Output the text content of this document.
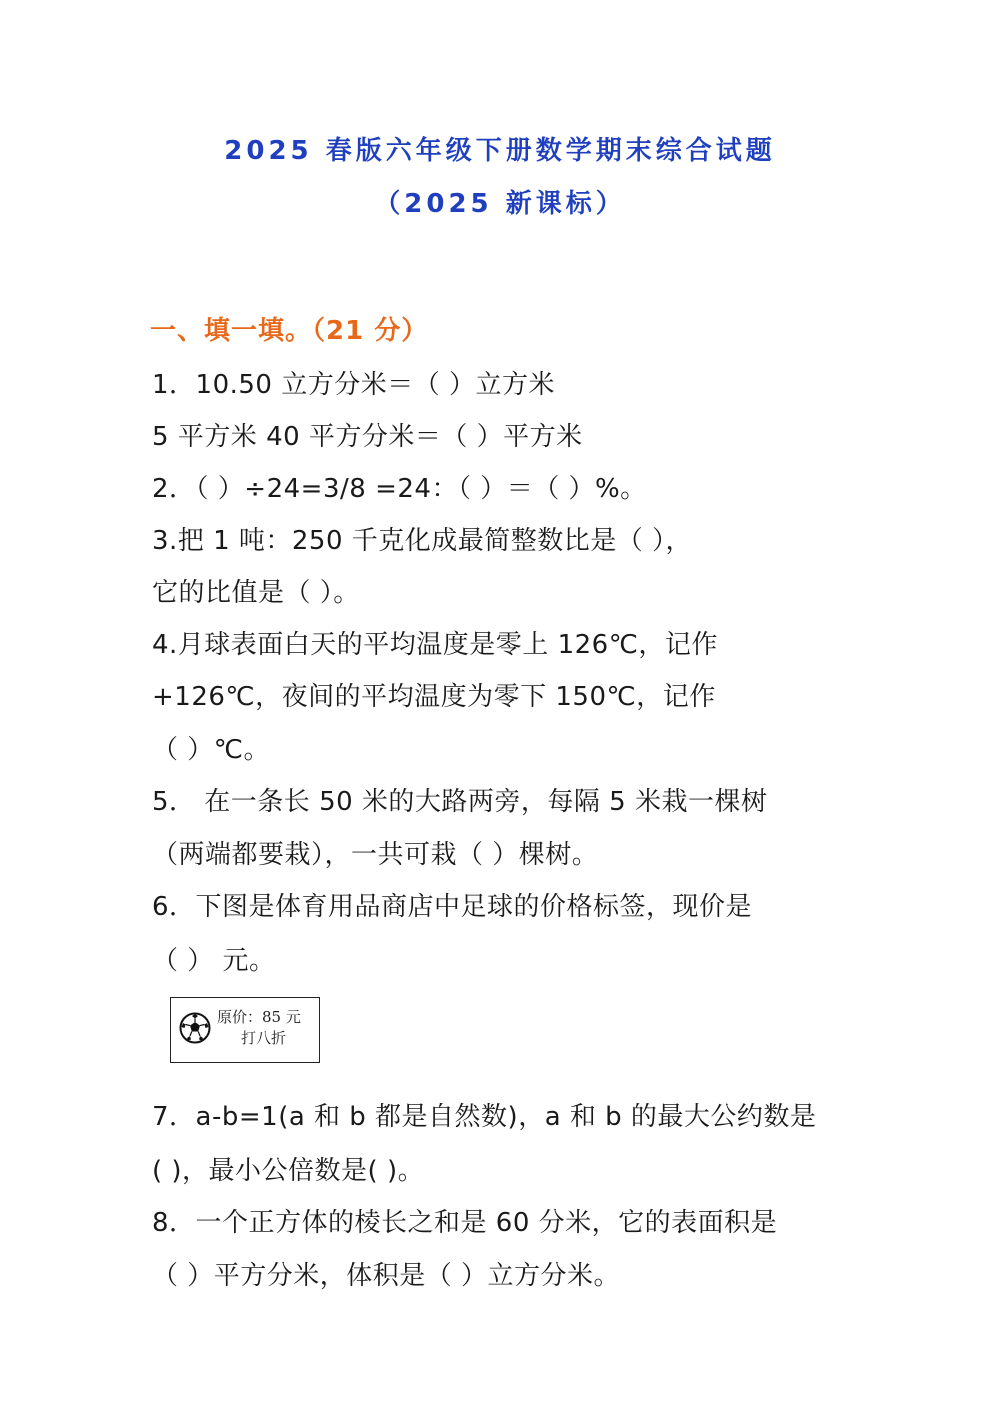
2025 春版六年级下册数学期末综合试题
（2025 新课标）
一、填一填。（21 分）
1．10.50 立方分米＝（ ）立方米
5 平方米 40 平方分米＝（ ）平方米
2．（ ）÷24=3/8 =24：（ ）＝（ ）%。
3.把 1 吨：250 千克化成最简整数比是（ ），
它的比值是（ ）。
4.月球表面白天的平均温度是零上 126℃，记作
+126℃，夜间的平均温度为零下 150℃，记作
（ ）℃。
5． 在一条长 50 米的大路两旁，每隔 5 米栽一棵树
（两端都要栽），一共可栽（ ）棵树。
6．下图是体育用品商店中足球的价格标签，现价是
（ ） 元。
原价：85 元
打八折
7．a-b=1(a 和 b 都是自然数)，a 和 b 的最大公约数是
( )，最小公倍数是( )。
8．一个正方体的棱长之和是 60 分米，它的表面积是
（ ）平方分米，体积是（ ）立方分米。
